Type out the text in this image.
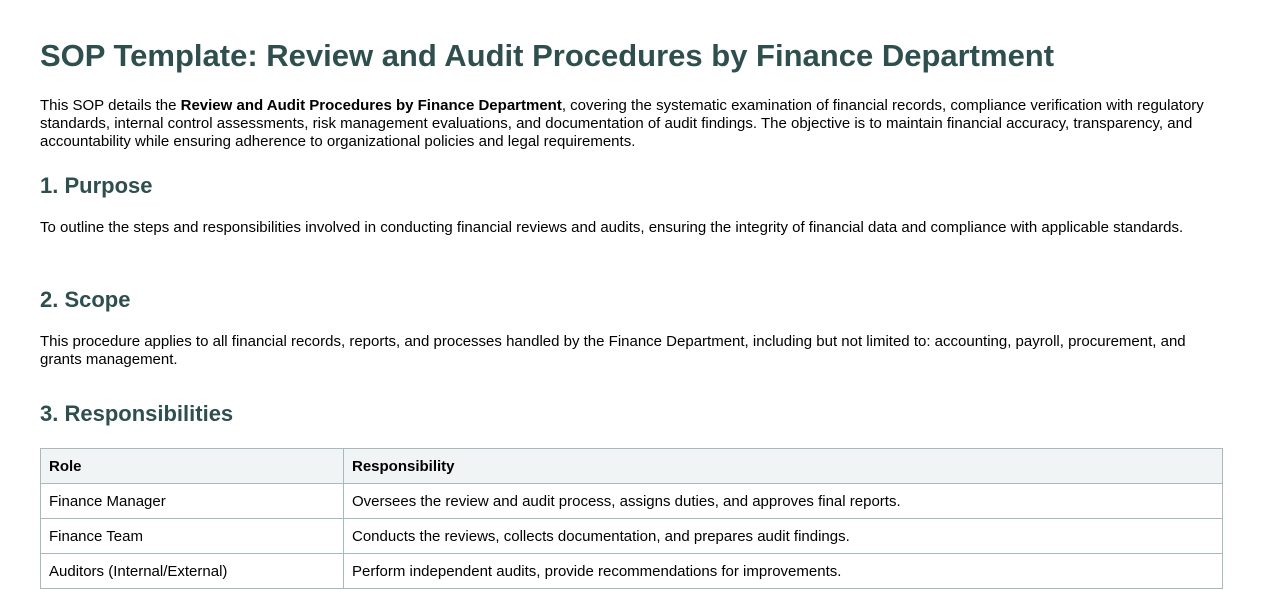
SOP Template: Review and Audit Procedures by Finance Department

This SOP details the Review and Audit Procedures by Finance Department, covering the systematic examination of financial records, compliance verification with regulatory standards, internal control assessments, risk management evaluations, and documentation of audit findings. The objective is to maintain financial accuracy, transparency, and accountability while ensuring adherence to organizational policies and legal requirements.

1. Purpose

To outline the steps and responsibilities involved in conducting financial reviews and audits, ensuring the integrity of financial data and compliance with applicable standards.

2. Scope

This procedure applies to all financial records, reports, and processes handled by the Finance Department, including but not limited to: accounting, payroll, procurement, and grants management.

3. Responsibilities
Role	Responsibility
Finance Manager	Oversees the review and audit process, assigns duties, and approves final reports.
Finance Team	Conducts the reviews, collects documentation, and prepares audit findings.
Auditors (Internal/External)	Perform independent audits, provide recommendations for improvements.
